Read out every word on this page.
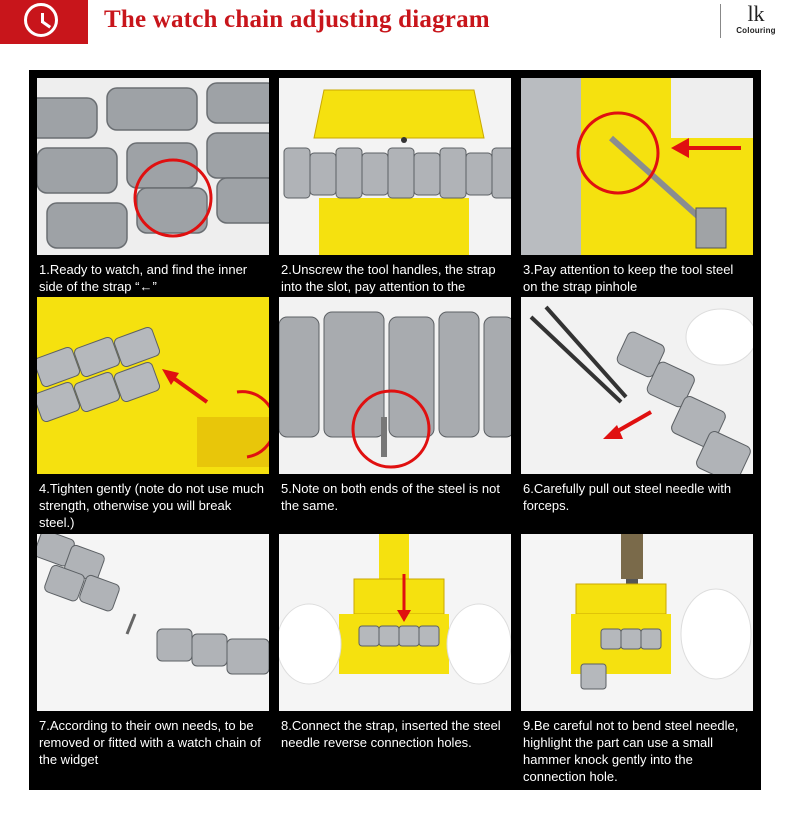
The watch chain adjusting diagram	lk
Colouring
1.Ready to watch, and find the inner side of the strap “←”
2.Unscrew the tool handles, the strap into the slot, pay attention to the
3.Pay attention to keep the tool steel on the strap pinhole
4.Tighten gently (note do not use much strength, otherwise you will break steel.)
5.Note on both ends of the steel is not the same.
6.Carefully pull out steel needle with forceps.
7.According to their own needs, to be removed or fitted with a watch chain of the widget
8.Connect the strap, inserted the steel needle reverse connection holes.
9.Be careful not to bend steel needle, highlight the part can use a small hammer knock gently into the connection hole.
